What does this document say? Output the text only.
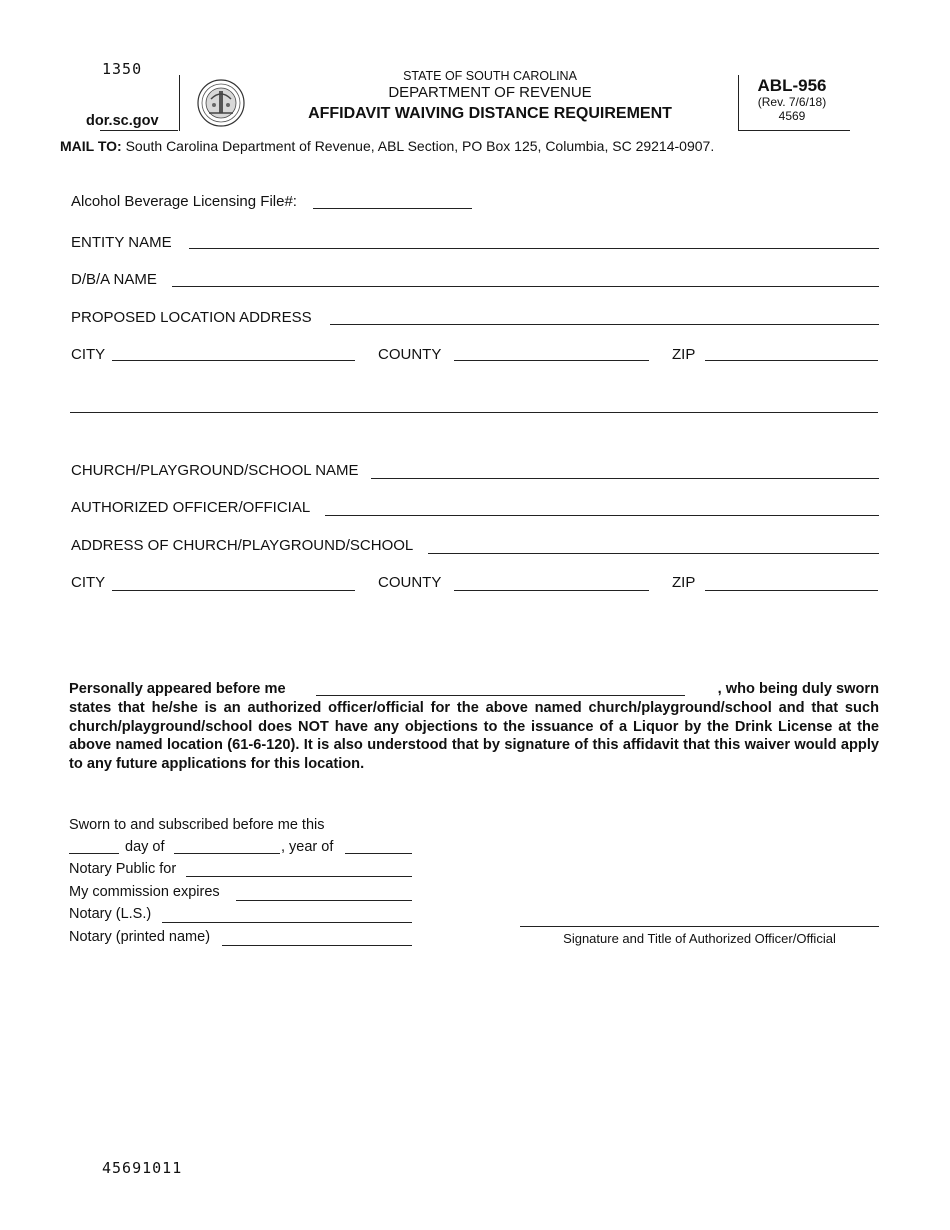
1350
dor.sc.gov
STATE OF SOUTH CAROLINA
DEPARTMENT OF REVENUE
AFFIDAVIT WAIVING DISTANCE REQUIREMENT
ABL-956
(Rev. 7/6/18)
4569
MAIL TO: South Carolina Department of Revenue, ABL Section, PO Box 125, Columbia, SC 29214-0907.
Alcohol Beverage Licensing File#:
ENTITY NAME
D/B/A NAME
PROPOSED LOCATION ADDRESS
CITY	COUNTY	ZIP
CHURCH/PLAYGROUND/SCHOOL NAME
AUTHORIZED OFFICER/OFFICIAL
ADDRESS OF CHURCH/PLAYGROUND/SCHOOL
CITY	COUNTY	ZIP
Personally appeared before me	, who being duly sworn
states that he/she is an authorized officer/official for the above named church/playground/school and that such church/playground/school does NOT have any objections to the issuance of a Liquor by the Drink License at the above named location (61-6-120). It is also understood that by signature of this affidavit that this waiver would apply to any future applications for this location.
Sworn to and subscribed before me this
day of	, year of
Notary Public for
My commission expires
Notary (L.S.)
Notary (printed name)	Signature and Title of Authorized Officer/Official
45691011
